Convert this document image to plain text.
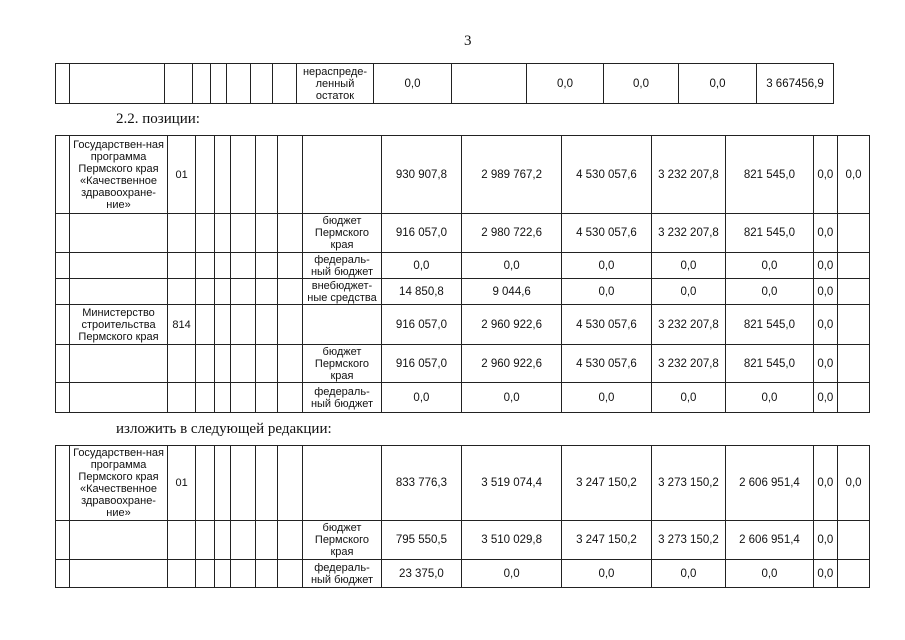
3
								нераспреде-ленный остаток	0,0		0,0	0,0	0,0	3 667456,9
2.2. позиции:
	Государствен-ная программа Пермского края «Качественное здравоохране-ние»	01							930 907,8	2 989 767,2	4 530 057,6	3 232 207,8	821 545,0	0,0	0,0
								бюджет Пермского края	916 057,0	2 980 722,6	4 530 057,6	3 232 207,8	821 545,0	0,0	
								федераль-ный бюджет	0,0	0,0	0,0	0,0	0,0	0,0	
								внебюджет-ные средства	14 850,8	9 044,6	0,0	0,0	0,0	0,0	
	Министерство строительства Пермского края	814							916 057,0	2 960 922,6	4 530 057,6	3 232 207,8	821 545,0	0,0	
								бюджет Пермского края	916 057,0	2 960 922,6	4 530 057,6	3 232 207,8	821 545,0	0,0	
								федераль-ный бюджет	0,0	0,0	0,0	0,0	0,0	0,0	
изложить в следующей редакции:
	Государствен-ная программа Пермского края «Качественное здравоохране-ние»	01							833 776,3	3 519 074,4	3 247 150,2	3 273 150,2	2 606 951,4	0,0	0,0
								бюджет Пермского края	795 550,5	3 510 029,8	3 247 150,2	3 273 150,2	2 606 951,4	0,0	
								федераль-ный бюджет	23 375,0	0,0	0,0	0,0	0,0	0,0	
